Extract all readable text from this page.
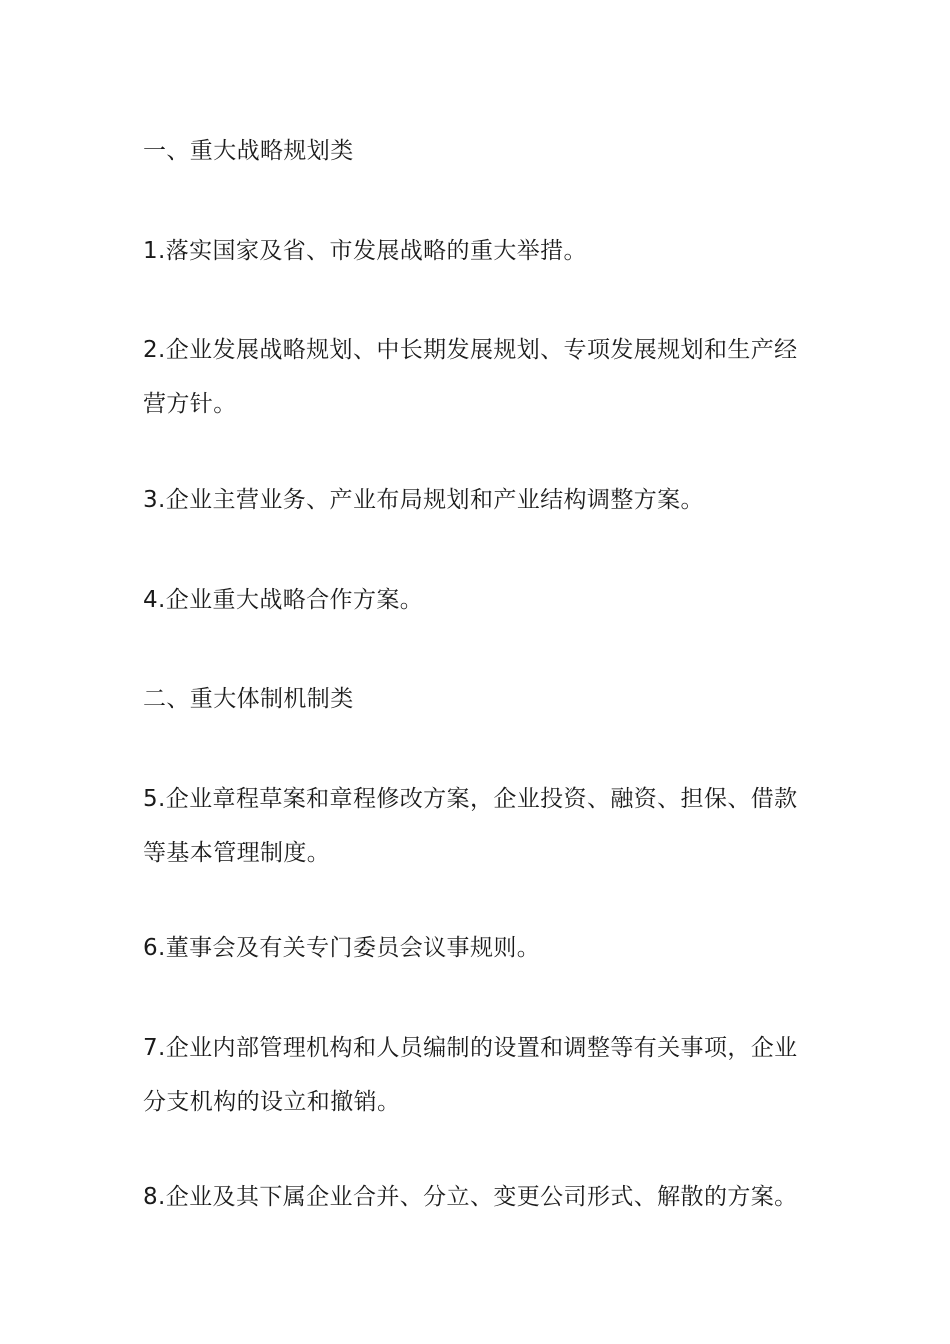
一、重大战略规划类
1.落实国家及省、市发展战略的重大举措。
2.企业发展战略规划、中长期发展规划、专项发展规划和生产经营方针。
3.企业主营业务、产业布局规划和产业结构调整方案。
4.企业重大战略合作方案。
二、重大体制机制类
5.企业章程草案和章程修改方案，企业投资、融资、担保、借款等基本管理制度。
6.董事会及有关专门委员会议事规则。
7.企业内部管理机构和人员编制的设置和调整等有关事项，企业分支机构的设立和撤销。
8.企业及其下属企业合并、分立、变更公司形式、解散的方案。
